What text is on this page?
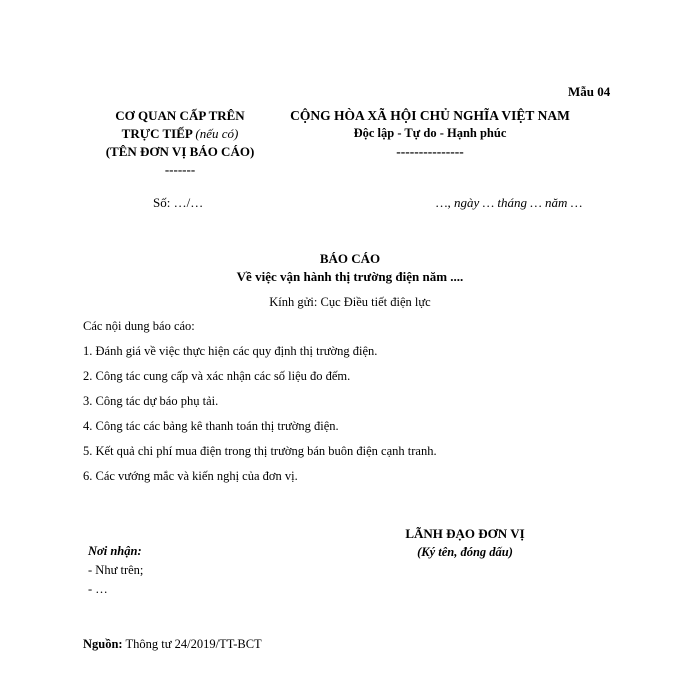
Mẫu 04
CƠ QUAN CẤP TRÊN
TRỰC TIẾP (nếu có)
(TÊN ĐƠN VỊ BÁO CÁO)
-------
CỘNG HÒA XÃ HỘI CHỦ NGHĨA VIỆT NAM
Độc lập - Tự do - Hạnh phúc
---------------
Số: …/…	…, ngày … tháng … năm …
BÁO CÁO
Về việc vận hành thị trường điện năm ....
Kính gửi: Cục Điều tiết điện lực
Các nội dung báo cáo:
1. Đánh giá về việc thực hiện các quy định thị trường điện.
2. Công tác cung cấp và xác nhận các số liệu đo đếm.
3. Công tác dự báo phụ tải.
4. Công tác các bảng kê thanh toán thị trường điện.
5. Kết quả chi phí mua điện trong thị trường bán buôn điện cạnh tranh.
6. Các vướng mắc và kiến nghị của đơn vị.
LÃNH ĐẠO ĐƠN VỊ
(Ký tên, đóng dấu)
Nơi nhận:
- Như trên;
- …
Nguồn: Thông tư 24/2019/TT-BCT
